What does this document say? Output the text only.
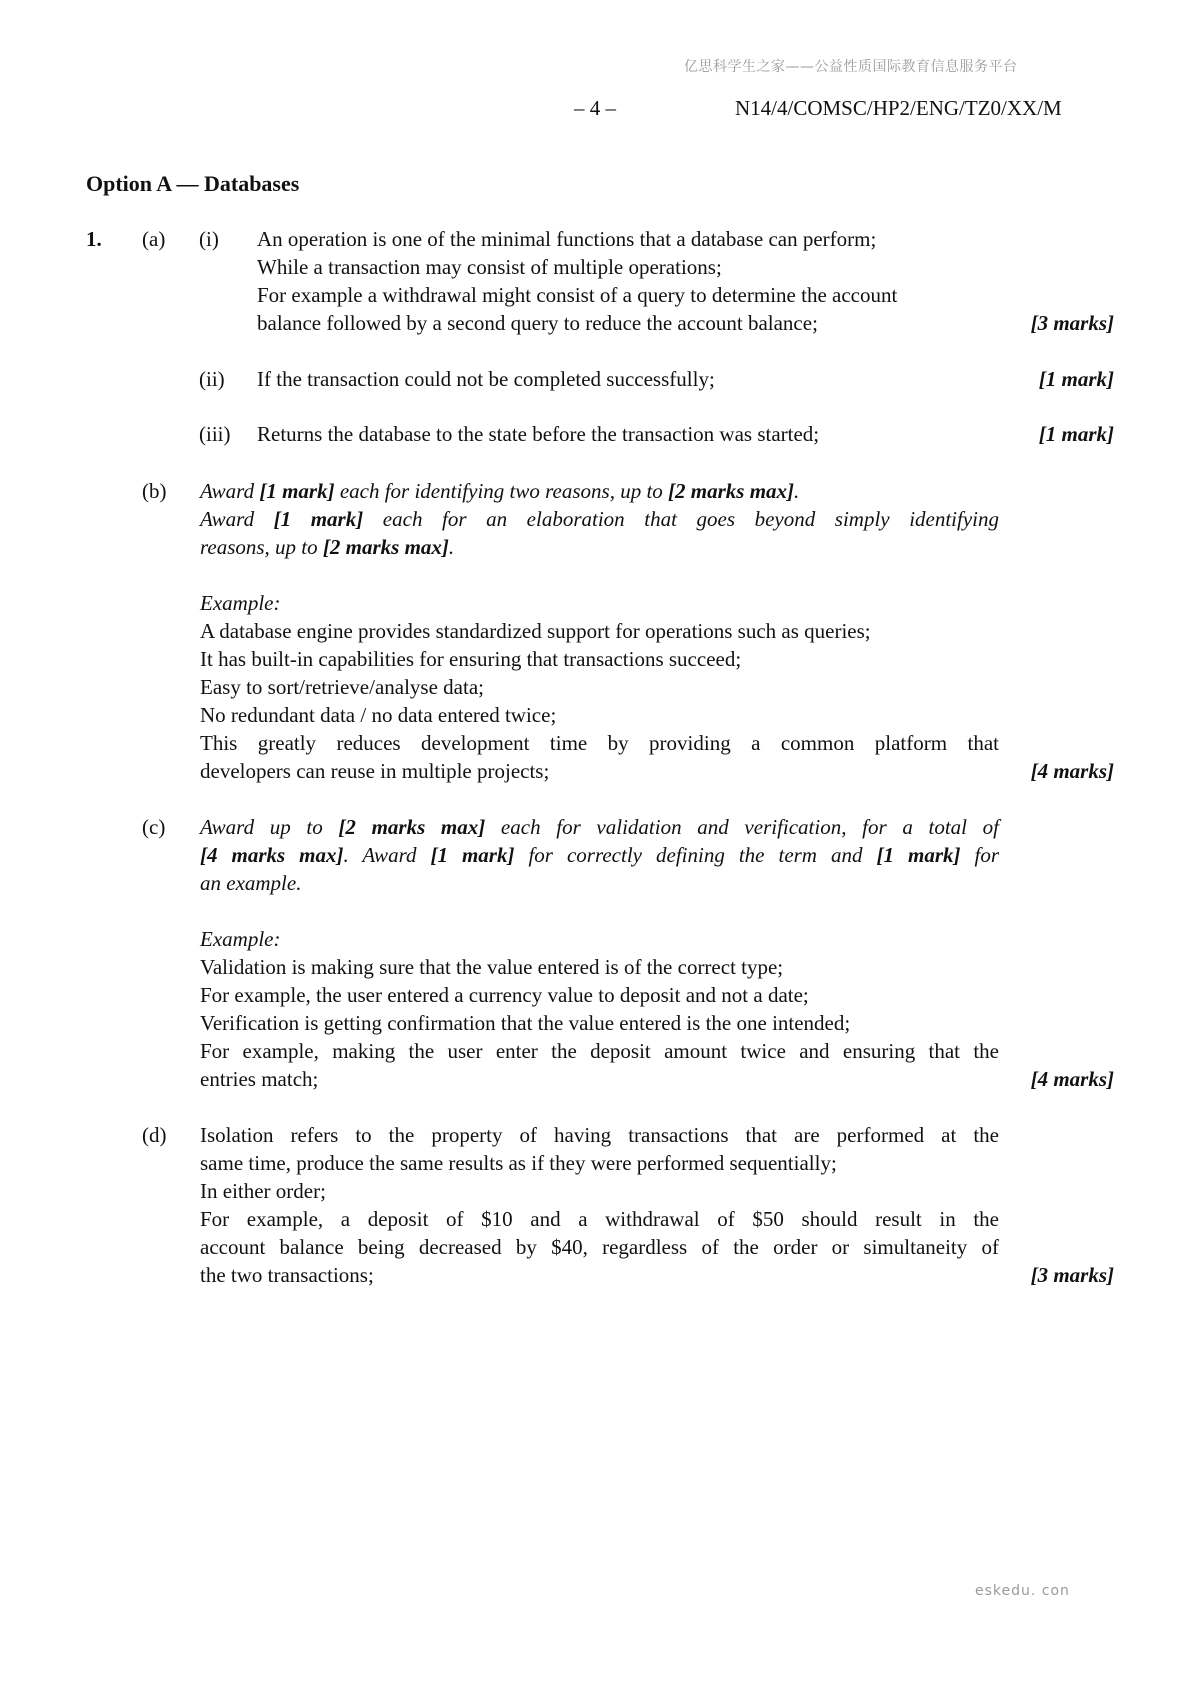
亿思科学生之家——公益性质国际教育信息服务平台
– 4 –	N14/4/COMSC/HP2/ENG/TZ0/XX/M
Option A — Databases
1. (a) (i) An operation is one of the minimal functions that a database can perform;
While a transaction may consist of multiple operations;
For example a withdrawal might consist of a query to determine the account
balance followed by a second query to reduce the account balance;	[3 marks]
(ii) If the transaction could not be completed successfully;	[1 mark]
(iii) Returns the database to the state before the transaction was started;	[1 mark]
(b) Award [1 mark] each for identifying two reasons, up to [2 marks max].
Award [1 mark] each for an elaboration that goes beyond simply identifying
reasons, up to [2 marks max].
Example:
A database engine provides standardized support for operations such as queries;
It has built-in capabilities for ensuring that transactions succeed;
Easy to sort/retrieve/analyse data;
No redundant data / no data entered twice;
This greatly reduces development time by providing a common platform that
developers can reuse in multiple projects;	[4 marks]
(c) Award up to [2 marks max] each for validation and verification, for a total of
[4 marks max]. Award [1 mark] for correctly defining the term and [1 mark] for
an example.
Example:
Validation is making sure that the value entered is of the correct type;
For example, the user entered a currency value to deposit and not a date;
Verification is getting confirmation that the value entered is the one intended;
For example, making the user enter the deposit amount twice and ensuring that the
entries match;	[4 marks]
(d) Isolation refers to the property of having transactions that are performed at the
same time, produce the same results as if they were performed sequentially;
In either order;
For example, a deposit of $10 and a withdrawal of $50 should result in the
account balance being decreased by $40, regardless of the order or simultaneity of
the two transactions;	[3 marks]
eskedu. con
